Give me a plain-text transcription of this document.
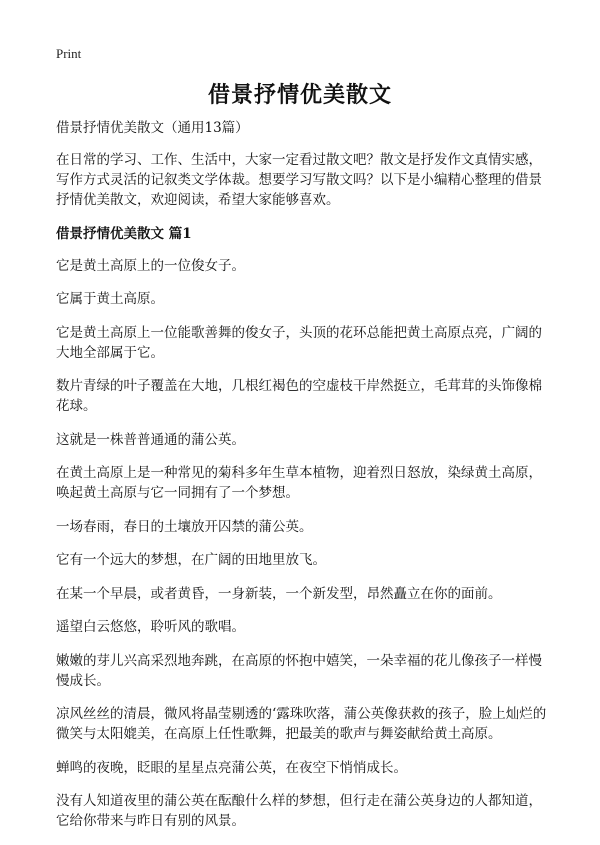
Print
借景抒情优美散文

借景抒情优美散文（通用13篇）

在日常的学习、工作、生活中，大家一定看过散文吧？散文是抒发作文真情实感，写作方式灵活的记叙类文学体裁。想要学习写散文吗？以下是小编精心整理的借景抒情优美散文，欢迎阅读，希望大家能够喜欢。

借景抒情优美散文 篇1

它是黄土高原上的一位俊女子。

它属于黄土高原。

它是黄土高原上一位能歌善舞的俊女子，头顶的花环总能把黄土高原点亮，广阔的大地全部属于它。

数片青绿的叶子覆盖在大地，几根红褐色的空虚枝干岸然挺立，毛茸茸的头饰像棉花球。

这就是一株普普通通的蒲公英。

在黄土高原上是一种常见的菊科多年生草本植物，迎着烈日怒放，染绿黄土高原，唤起黄土高原与它一同拥有了一个梦想。

一场春雨，春日的土壤放开囚禁的蒲公英。

它有一个远大的梦想，在广阔的田地里放飞。

在某一个早晨，或者黄昏，一身新装，一个新发型，昂然矗立在你的面前。

遥望白云悠悠，聆听风的歌唱。

嫩嫩的芽儿兴高采烈地奔跳，在高原的怀抱中嬉笑，一朵幸福的花儿像孩子一样慢慢成长。

凉风丝丝的清晨，微风将晶莹剔透的‘露珠吹落，蒲公英像获救的孩子，脸上灿烂的微笑与太阳媲美，在高原上任性歌舞，把最美的歌声与舞姿献给黄土高原。

蝉鸣的夜晚，眨眼的星星点亮蒲公英，在夜空下悄悄成长。

没有人知道夜里的蒲公英在酝酿什么样的梦想，但行走在蒲公英身边的人都知道，它给你带来与昨日有别的风景。
